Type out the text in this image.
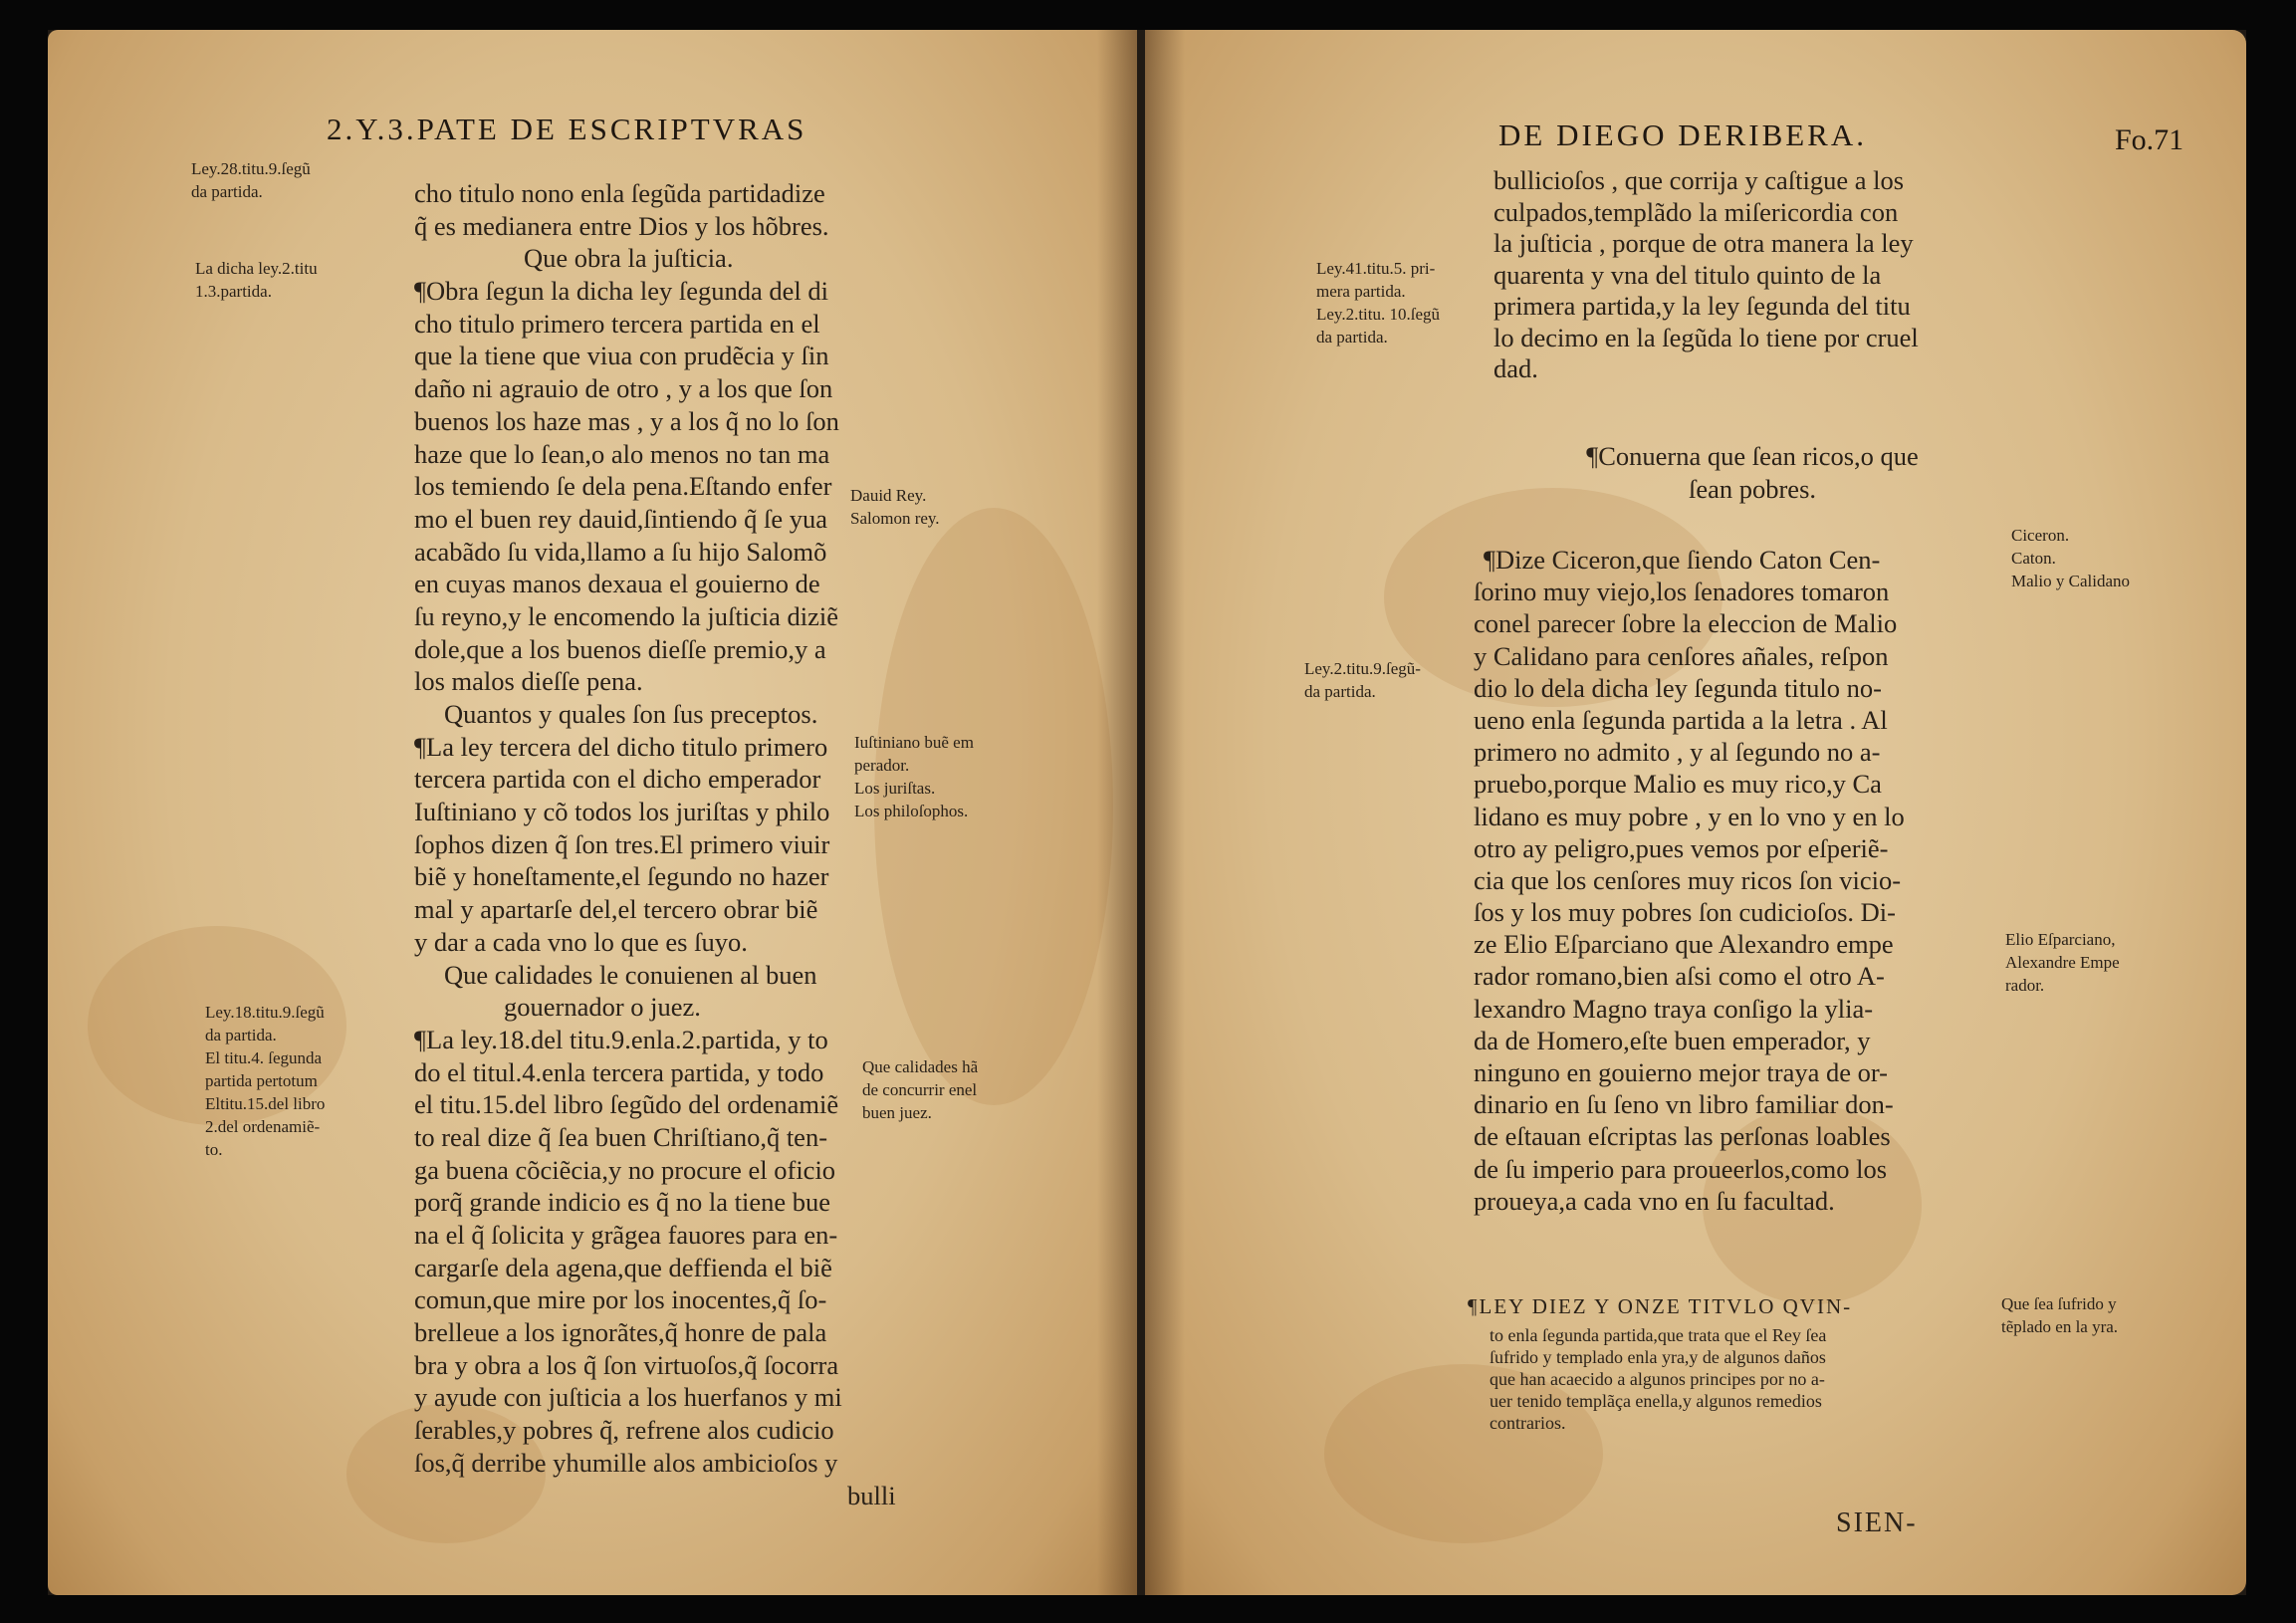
2.Y.3.PATE DE ESCRIPTVRAS
cho titulo nono enla ſegũda partidadize
q̃ es medianera entre Dios y los hõbres.
Que obra la juſticia.
¶Obra ſegun la dicha ley ſegunda del di
cho titulo primero tercera partida en el
que la tiene que viua con prudẽcia y ſin
daño ni agrauio de otro , y a los que ſon
buenos los haze mas , y a los q̃ no lo ſon
haze que lo ſean,o alo menos no tan ma
los temiendo ſe dela pena.Eſtando enfer
mo el buen rey dauid,ſintiendo q̃ ſe yua
acabãdo ſu vida,llamo a ſu hijo Salomõ
en cuyas manos dexaua el gouierno de
ſu reyno,y le encomendo la juſticia diziẽ
dole,que a los buenos dieſſe premio,y a
los malos dieſſe pena.
Quantos y quales ſon ſus preceptos.
¶La ley tercera del dicho titulo primero
tercera partida con el dicho emperador
Iuſtiniano y cõ todos los juriſtas y philo
ſophos dizen q̃ ſon tres.El primero viuir
biẽ y honeſtamente,el ſegundo no hazer
mal y apartarſe del,el tercero obrar biẽ
y dar a cada vno lo que es ſuyo.
Que calidades le conuienen al buen
gouernador o juez.
¶La ley.18.del titu.9.enla.2.partida, y to
do el titul.4.enla tercera partida, y todo
el titu.15.del libro ſegũdo del ordenamiẽ
to real dize q̃ ſea buen Chriſtiano,q̃ ten-
ga buena cõciẽcia,y no procure el oficio
porq̃ grande indicio es q̃ no la tiene bue
na el q̃ ſolicita y grãgea fauores para en-
cargarſe dela agena,que deffienda el biẽ
comun,que mire por los inocentes,q̃ ſo-
brelleue a los ignorãtes,q̃ honre de pala
bra y obra a los q̃ ſon virtuoſos,q̃ ſocorra
y ayude con juſticia a los huerfanos y mi
ſerables,y pobres q̃, refrene alos cudicio
ſos,q̃ derribe yhumille alos ambicioſos y
bulli
Ley.28.titu.9.ſegũ
da partida.
La dicha ley.2.titu
1.3.partida.
Ley.18.titu.9.ſegũ
da partida.
El titu.4. ſegunda
partida pertotum
Eltitu.15.del libro
2.del ordenamiẽ-
to.
Dauid Rey.
Salomon rey.
Iuſtiniano buẽ em
perador.
Los juriſtas.
Los philoſophos.
Que calidades hã
de concurrir enel
buen juez.
DE DIEGO DERIBERA.	Fo.71
bullicioſos , que corrija y caſtigue a los
culpados,templãdo la miſericordia con
la juſticia , porque de otra manera la ley
quarenta y vna del titulo quinto de la
primera partida,y la ley ſegunda del titu
lo decimo en la ſegũda lo tiene por cruel
dad.
¶Conuerna que ſean ricos,o que
ſean pobres.
¶Dize Ciceron,que ſiendo Caton Cen-
ſorino muy viejo,los ſenadores tomaron
conel parecer ſobre la eleccion de Malio
y Calidano para cenſores añales, reſpon
dio lo dela dicha ley ſegunda titulo no-
ueno enla ſegunda partida a la letra . Al
primero no admito , y al ſegundo no a-
pruebo,porque Malio es muy rico,y Ca
lidano es muy pobre , y en lo vno y en lo
otro ay peligro,pues vemos por eſperiẽ-
cia que los cenſores muy ricos ſon vicio-
ſos y los muy pobres ſon cudicioſos. Di-
ze Elio Eſparciano que Alexandro empe
rador romano,bien aſsi como el otro A-
lexandro Magno traya conſigo la ylia-
da de Homero,eſte buen emperador, y
ninguno en gouierno mejor traya de or-
dinario en ſu ſeno vn libro familiar don-
de eſtauan eſcriptas las perſonas loables
de ſu imperio para proueerlos,como los
proueya,a cada vno en ſu facultad.
¶LEY DIEZ Y ONZE TITVLO QVIN-
to enla ſegunda partida,que trata que el Rey ſea
ſufrido y templado enla yra,y de algunos daños
que han acaecido a algunos principes por no a-
uer tenido templãça enella,y algunos remedios
contrarios.
SIEN-
Ley.41.titu.5. pri-
mera partida.
Ley.2.titu. 10.ſegũ
da partida.
Ley.2.titu.9.ſegũ-
da partida.
Ciceron.
Caton.
Malio y Calidano
Elio Eſparciano,
Alexandre Empe
rador.
Que ſea ſufrido y
tẽplado en la yra.
